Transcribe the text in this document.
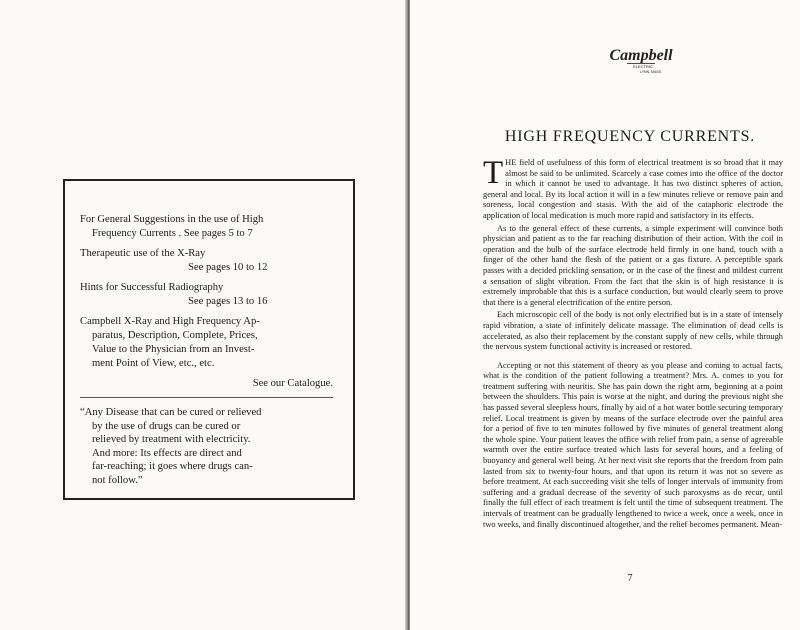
For General Suggestions in the use of High
Frequency Currents . See pages 5 to 7
Therapeutic use of the X-Ray
See pages 10 to 12
Hints for Successful Radiography
See pages 13 to 16
Campbell X-Ray and High Frequency Ap-
paratus, Description, Complete, Prices,
Value to the Physician from an Invest-
ment Point of View, etc., etc.
See our Catalogue.
“Any Disease that can be cured or relieved
by the use of drugs can be cured or
relieved by treatment with electricity.
And more: Its effects are direct and
far-reaching; it goes where drugs can-
not follow.”
Campbell
ELECTRIC
LYNN, MASS.
HIGH FREQUENCY CURRENTS.

THE field of usefulness of this form of electrical treatment is so broad that it may almost be said to be unlimited. Scarcely a case comes into the office of the doctor in which it cannot be used to advantage. It has two distinct spheres of action, general and local. By its local action it will in a few minutes relieve or remove pain and soreness, local congestion and stasis. With the aid of the cataphoric electrode the application of local medication is much more rapid and satisfactory in its effects.

As to the general effect of these currents, a simple experiment will convince both physician and patient as to the far reaching distribution of their action. With the coil in operation and the bulb of the surface electrode held firmly in one hand, touch with a finger of the other hand the flesh of the patient or a gas fixture. A perceptible spark passes with a decided prickling sensation, or in the case of the finest and mildest current a sensation of slight vibration. From the fact that the skin is of high resistance it is extremely improbable that this is a surface conduction, but would clearly seem to prove that there is a general electrification of the entire person.

Each microscopic cell of the body is not only electrified but is in a state of intensely rapid vibration, a state of infinitely delicate massage. The elimination of dead cells is accelerated, as also their replacement by the constant supply of new cells, while through the nervous system functional activity is increased or restored.

Accepting or not this statement of theory as you please and coming to actual facts, what is the condition of the patient following a treatment? Mrs. A. comes to you for treatment suffering with neuritis. She has pain down the right arm, beginning at a point between the shoulders. This pain is worse at the night, and during the previous night she has passed several sleepless hours, finally by aid of a hot water bottle securing temporary relief. Local treatment is given by means of the surface electrode over the painful area for a period of five to ten minutes followed by five minutes of general treatment along the whole spine. Your patient leaves the office with relief from pain, a sense of agreeable warmth over the entire surface treated which lasts for several hours, and a feeling of buoyancy and general well being. At her next visit she reports that the freedom from pain lasted from six to twenty-four hours, and that upon its return it was not so severe as before treatment. At each succeeding visit she tells of longer intervals of immunity from suffering and a gradual decrease of the severity of such paroxysms as do recur, until finally the full effect of each treatment is felt until the time of subsequent treatment. The intervals of treatment can be gradually lengthened to twice a week, once a week, once in two weeks, and finally discontinued altogether, and the relief becomes permanent. Mean-

7
